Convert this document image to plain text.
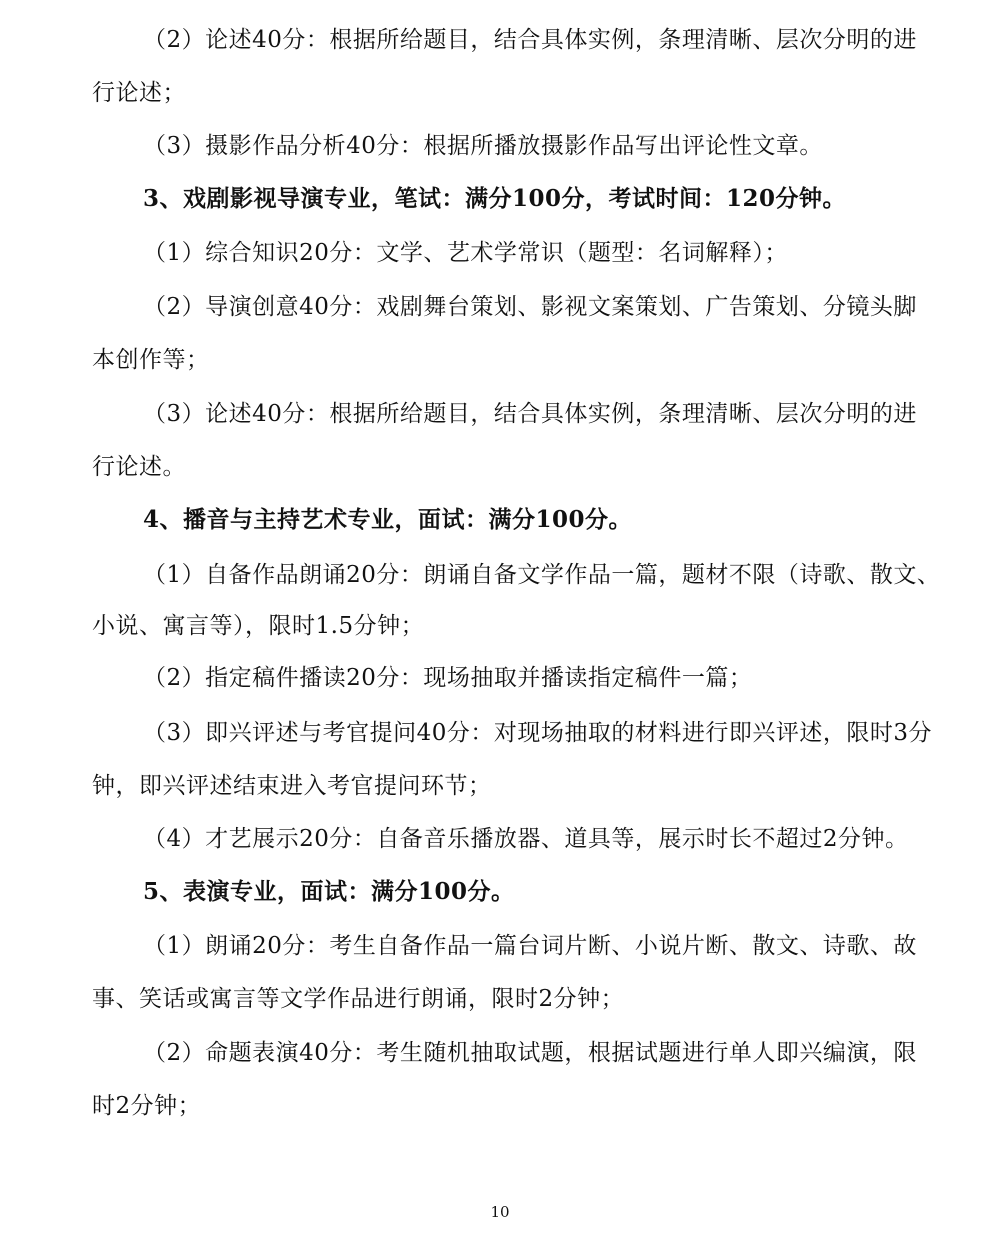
（2）论述40分：根据所给题目，结合具体实例，条理清晰、层次分明的进

行论述；

（3）摄影作品分析40分：根据所播放摄影作品写出评论性文章。

3、戏剧影视导演专业，笔试：满分100分，考试时间：120分钟。

（1）综合知识20分：文学、艺术学常识（题型：名词解释）；

（2）导演创意40分：戏剧舞台策划、影视文案策划、广告策划、分镜头脚

本创作等；

（3）论述40分：根据所给题目，结合具体实例，条理清晰、层次分明的进

行论述。

4、播音与主持艺术专业，面试：满分100分。

（1）自备作品朗诵20分：朗诵自备文学作品一篇，题材不限（诗歌、散文、

小说、寓言等），限时1.5分钟；

（2）指定稿件播读20分：现场抽取并播读指定稿件一篇；

（3）即兴评述与考官提问40分：对现场抽取的材料进行即兴评述，限时3分

钟，即兴评述结束进入考官提问环节；

（4）才艺展示20分：自备音乐播放器、道具等，展示时长不超过2分钟。

5、表演专业，面试：满分100分。

（1）朗诵20分：考生自备作品一篇台词片断、小说片断、散文、诗歌、故

事、笑话或寓言等文学作品进行朗诵，限时2分钟；

（2）命题表演40分：考生随机抽取试题，根据试题进行单人即兴编演，限

时2分钟；

10
